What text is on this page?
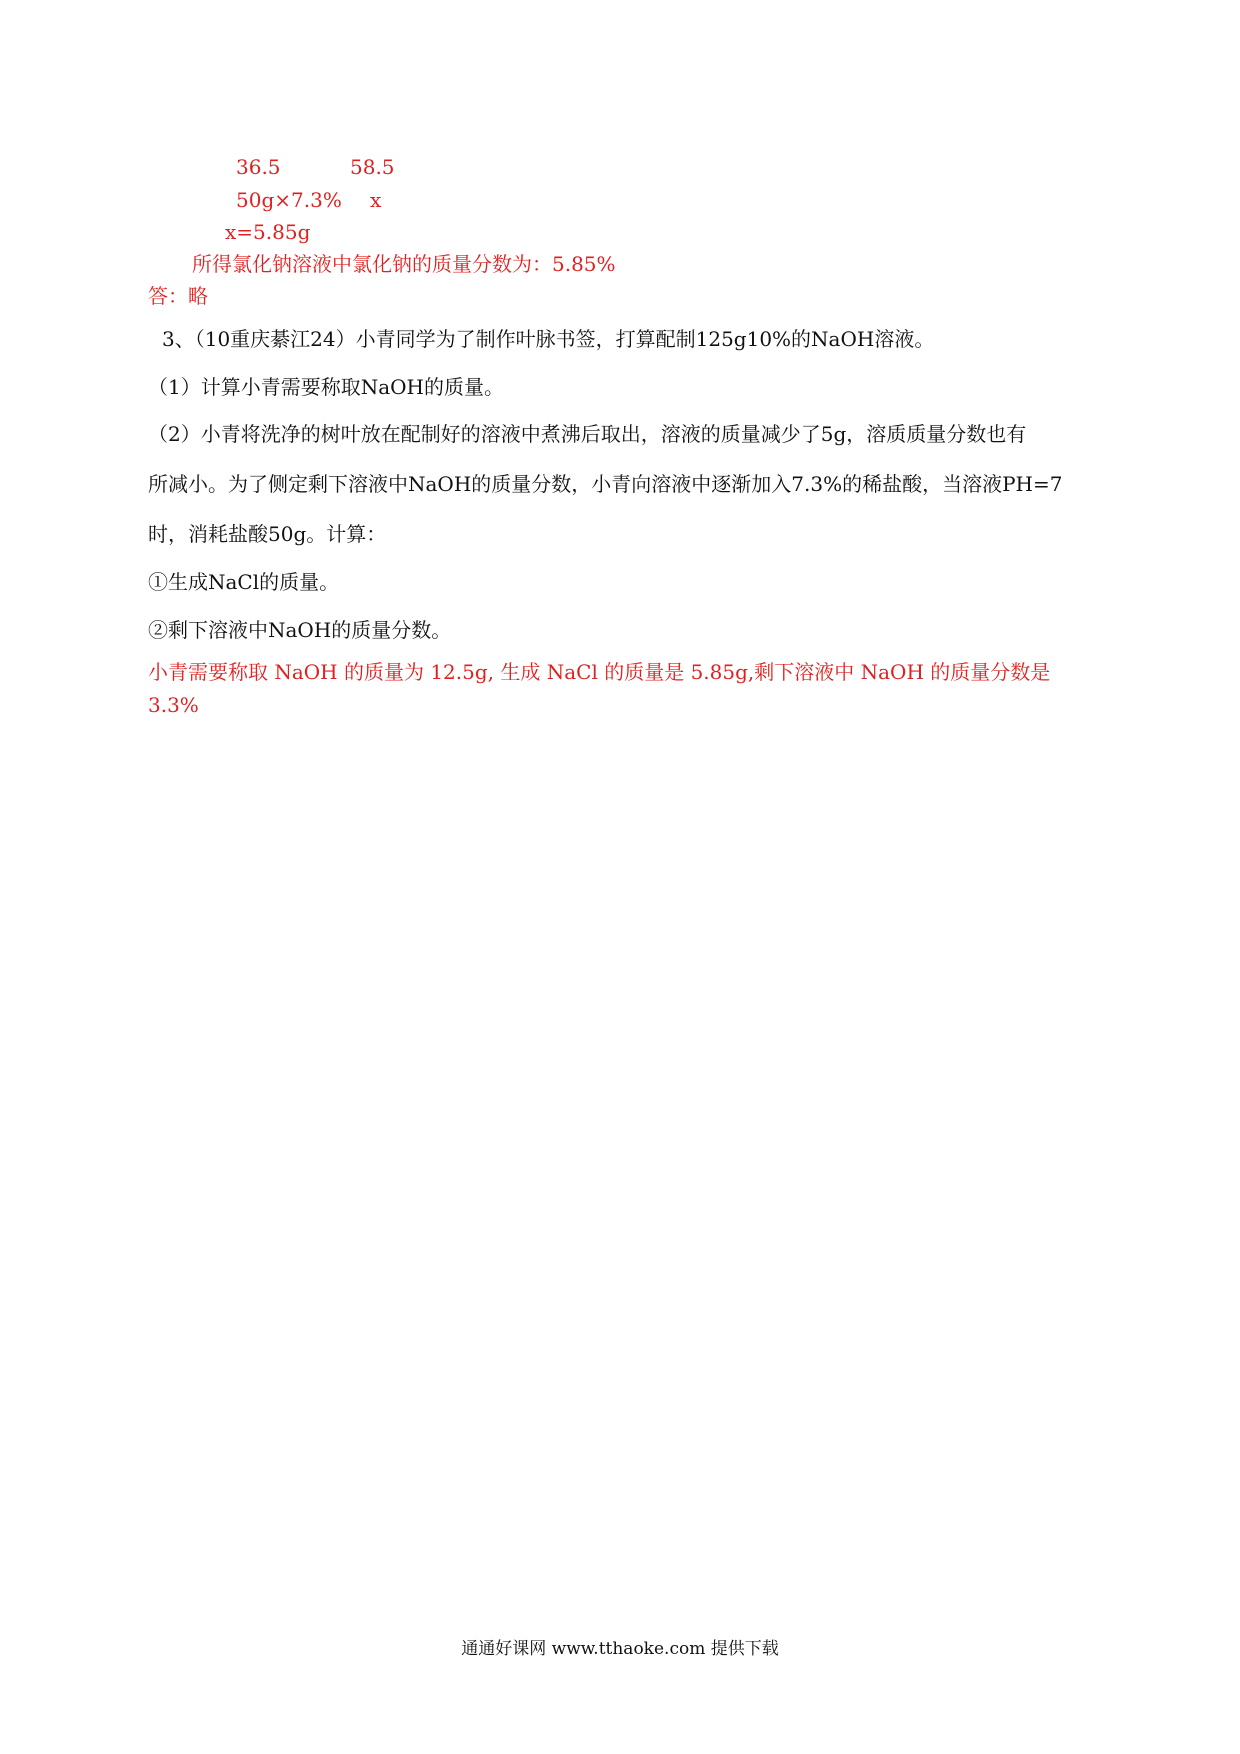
36.5	58.5
50g×7.3% x
x=5.85g
所得氯化钠溶液中氯化钠的质量分数为：5.85%
答：略
3、（10重庆綦江24）小青同学为了制作叶脉书签，打算配制125g10%的NaOH溶液。
（1）计算小青需要称取NaOH的质量。
（2）小青将洗净的树叶放在配制好的溶液中煮沸后取出，溶液的质量减少了5g，溶质质量分数也有
所减小。为了侧定剩下溶液中NaOH的质量分数，小青向溶液中逐渐加入7.3%的稀盐酸，当溶液PH=7
时，消耗盐酸50g。计算：
①生成NaCl的质量。
②剩下溶液中NaOH的质量分数。
小青需要称取 NaOH 的质量为 12.5g, 生成 NaCl 的质量是 5.85g,剩下溶液中 NaOH 的质量分数是
3.3%
通通好课网 www.tthaoke.com 提供下载
